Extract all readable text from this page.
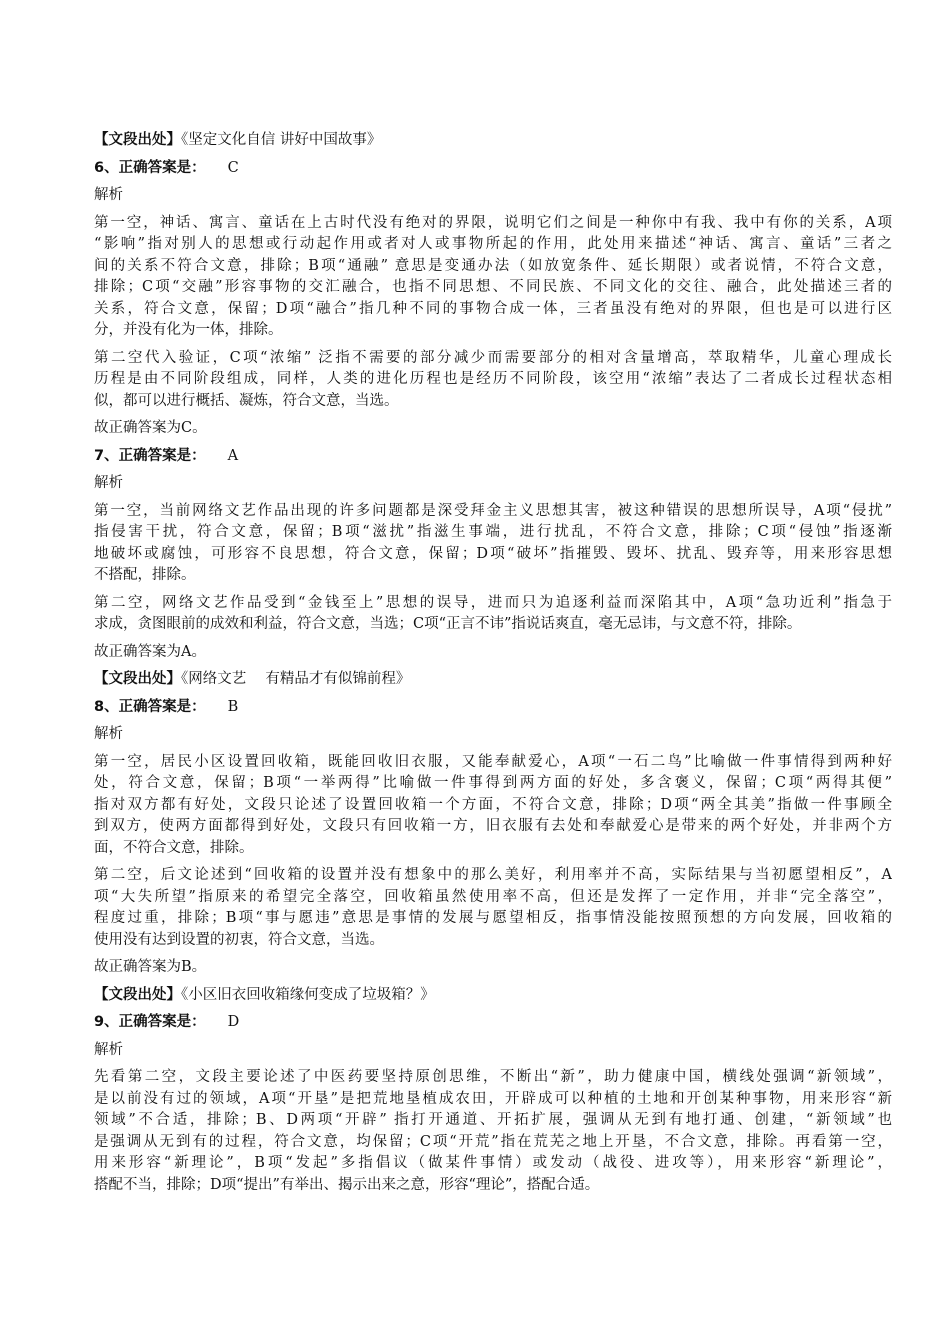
【文段出处】《坚定文化自信 讲好中国故事》
6、正确答案是： C
解析
第一空，神话、寓言、童话在上古时代没有绝对的界限，说明它们之间是一种你中有我、我中有你的关系，A项
“影响”指对别人的思想或行动起作用或者对人或事物所起的作用，此处用来描述“神话、寓言、童话”三者之
间的关系不符合文意，排除；B项“通融” 意思是变通办法（如放宽条件、延长期限）或者说情，不符合文意，
排除；C项“交融”形容事物的交汇融合，也指不同思想、不同民族、不同文化的交往、融合，此处描述三者的
关系，符合文意，保留；D项“融合”指几种不同的事物合成一体，三者虽没有绝对的界限，但也是可以进行区
分，并没有化为一体，排除。
第二空代入验证，C项“浓缩” 泛指不需要的部分减少而需要部分的相对含量增高，萃取精华，儿童心理成长
历程是由不同阶段组成，同样，人类的进化历程也是经历不同阶段，该空用“浓缩”表达了二者成长过程状态相
似，都可以进行概括、凝炼，符合文意，当选。
故正确答案为C。
7、正确答案是： A
解析
第一空，当前网络文艺作品出现的许多问题都是深受拜金主义思想其害，被这种错误的思想所误导，A项“侵扰”
指侵害干扰，符合文意，保留；B项“滋扰”指滋生事端，进行扰乱，不符合文意，排除；C项“侵蚀”指逐渐
地破坏或腐蚀，可形容不良思想，符合文意，保留；D项“破坏”指摧毁、毁坏、扰乱、毁弃等，用来形容思想
不搭配，排除。
第二空，网络文艺作品受到“金钱至上”思想的误导，进而只为追逐利益而深陷其中，A项“急功近利”指急于
求成，贪图眼前的成效和利益，符合文意，当选；C项“正言不讳”指说话爽直，毫无忌讳，与文意不符，排除。
故正确答案为A。
【文段出处】《网络文艺　 有精品才有似锦前程》
8、正确答案是： B
解析
第一空，居民小区设置回收箱，既能回收旧衣服，又能奉献爱心，A项“一石二鸟”比喻做一件事情得到两种好
处，符合文意，保留；B项“一举两得”比喻做一件事得到两方面的好处，多含褒义，保留；C项“两得其便”
指对双方都有好处，文段只论述了设置回收箱一个方面，不符合文意，排除；D项“两全其美”指做一件事顾全
到双方，使两方面都得到好处，文段只有回收箱一方，旧衣服有去处和奉献爱心是带来的两个好处，并非两个方
面，不符合文意，排除。
第二空，后文论述到“回收箱的设置并没有想象中的那么美好，利用率并不高，实际结果与当初愿望相反”，A
项“大失所望”指原来的希望完全落空，回收箱虽然使用率不高，但还是发挥了一定作用，并非“完全落空”，
程度过重，排除；B项“事与愿违”意思是事情的发展与愿望相反，指事情没能按照预想的方向发展，回收箱的
使用没有达到设置的初衷，符合文意，当选。
故正确答案为B。
【文段出处】《小区旧衣回收箱缘何变成了垃圾箱？》
9、正确答案是： D
解析
先看第二空，文段主要论述了中医药要坚持原创思维，不断出“新”，助力健康中国，横线处强调“新领域”，
是以前没有过的领域，A项“开垦”是把荒地垦植成农田，开辟成可以种植的土地和开创某种事物，用来形容“新
领域”不合适，排除；B、D两项“开辟” 指打开通道、开拓扩展，强调从无到有地打通、创建，“新领域”也
是强调从无到有的过程，符合文意，均保留；C项“开荒”指在荒芜之地上开垦，不合文意，排除。再看第一空，
用来形容“新理论”，B项“发起”多指倡议（做某件事情）或发动（战役、进攻等），用来形容“新理论”，
搭配不当，排除；D项“提出”有举出、揭示出来之意，形容“理论”，搭配合适。
